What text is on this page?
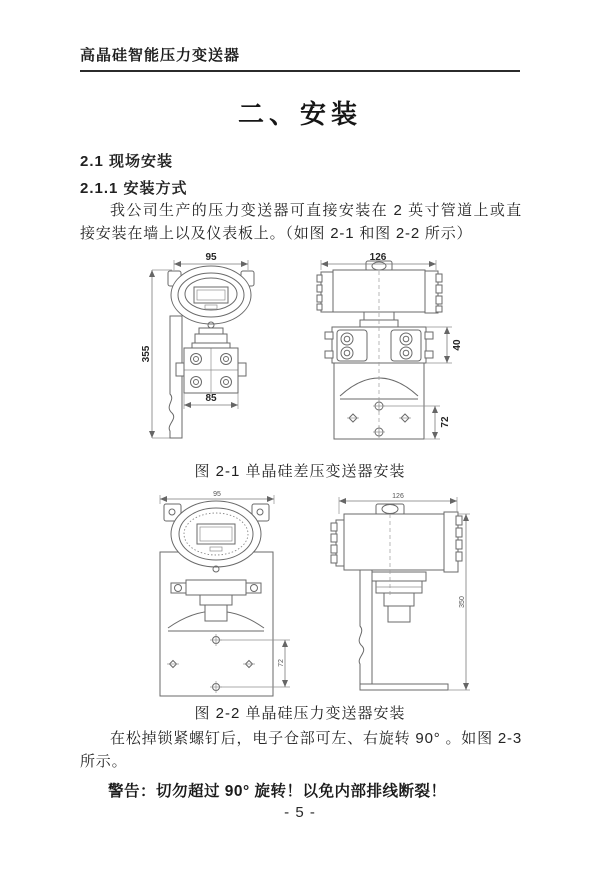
高晶硅智能压力变送器
二、安装
2.1 现场安装
2.1.1 安装方式
我公司生产的压力变送器可直接安装在 2 英寸管道上或直接安装在墙上以及仪表板上。（如图 2-1 和图 2-2 所示）
355
95
85
126
40
72
图 2-1 单晶硅差压变送器安装
95
72
126
350
图 2-2 单晶硅压力变送器安装
在松掉锁紧螺钉后，电子仓部可左、右旋转 90° 。如图 2-3 所示。
警告：切勿超过 90° 旋转！以免内部排线断裂！
- 5 -
